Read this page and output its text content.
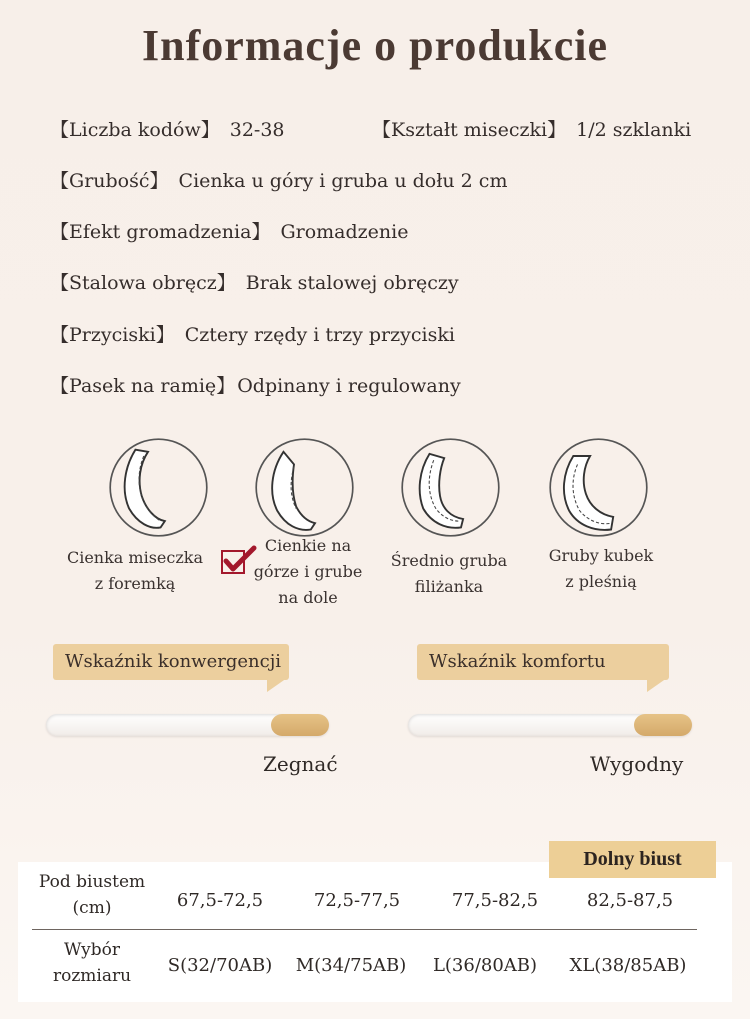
Informacje o produkcie
【 Liczba kodów 】 32-38
【	Kształt miseczki 】 1/2 szklanki
【 Grubość 】 Cienka u góry i gruba u dołu 2 cm
【 Efekt gromadzenia 】 Gromadzenie
【 Stalowa obręcz 】 Brak stalowej obręczy
【 Przyciski 】 Cztery rzędy i trzy przyciski
【 Pasek na ramię 】 Odpinany i regulowany
Cienka miseczka
z foremką
Cienkie na
górze i grube
na dole
Średnio gruba
filiżanka
Gruby kubek
z pleśnią
Wskaźnik konwergencji
Zegnać
Wskaźnik komfortu
Wygodny
Dolny biust
Pod biustem
(cm)	67,5-72,5	72,5-77,5	77,5-82,5	82,5-87,5
Wybór
rozmiaru	S(32/70AB)	M(34/75AB)	L(36/80AB)	XL(38/85AB)
